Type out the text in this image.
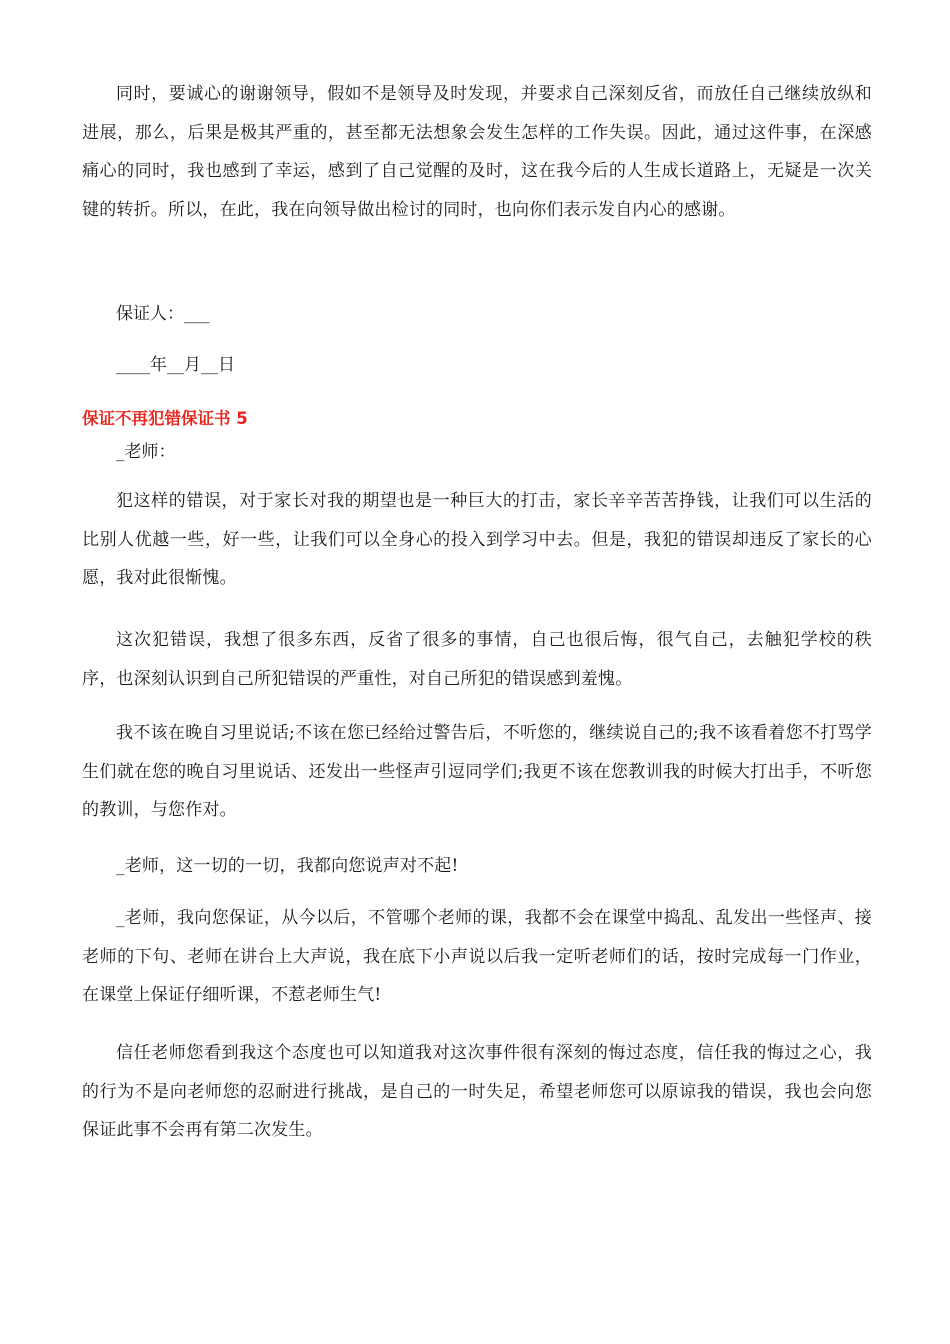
同时，要诚心的谢谢领导，假如不是领导及时发现，并要求自己深刻反省，而放任自己继续放纵和进展，那么，后果是极其严重的，甚至都无法想象会发生怎样的工作失误。因此，通过这件事，在深感痛心的同时，我也感到了幸运，感到了自己觉醒的及时，这在我今后的人生成长道路上，无疑是一次关键的转折。所以，在此，我在向领导做出检讨的同时，也向你们表示发自内心的感谢。

保证人：___

____年__月__日

保证不再犯错保证书 5

_老师：

犯这样的错误，对于家长对我的期望也是一种巨大的打击，家长辛辛苦苦挣钱，让我们可以生活的比别人优越一些，好一些，让我们可以全身心的投入到学习中去。但是，我犯的错误却违反了家长的心愿，我对此很惭愧。

这次犯错误，我想了很多东西，反省了很多的事情，自己也很后悔，很气自己，去触犯学校的秩序，也深刻认识到自己所犯错误的严重性，对自己所犯的错误感到羞愧。

我不该在晚自习里说话;不该在您已经给过警告后，不听您的，继续说自己的;我不该看着您不打骂学生们就在您的晚自习里说话、还发出一些怪声引逗同学们;我更不该在您教训我的时候大打出手，不听您的教训，与您作对。

_老师，这一切的一切，我都向您说声对不起!

_老师，我向您保证，从今以后，不管哪个老师的课，我都不会在课堂中捣乱、乱发出一些怪声、接老师的下句、老师在讲台上大声说，我在底下小声说以后我一定听老师们的话，按时完成每一门作业，在课堂上保证仔细听课，不惹老师生气!

信任老师您看到我这个态度也可以知道我对这次事件很有深刻的悔过态度，信任我的悔过之心，我的行为不是向老师您的忍耐进行挑战，是自己的一时失足，希望老师您可以原谅我的错误，我也会向您保证此事不会再有第二次发生。
